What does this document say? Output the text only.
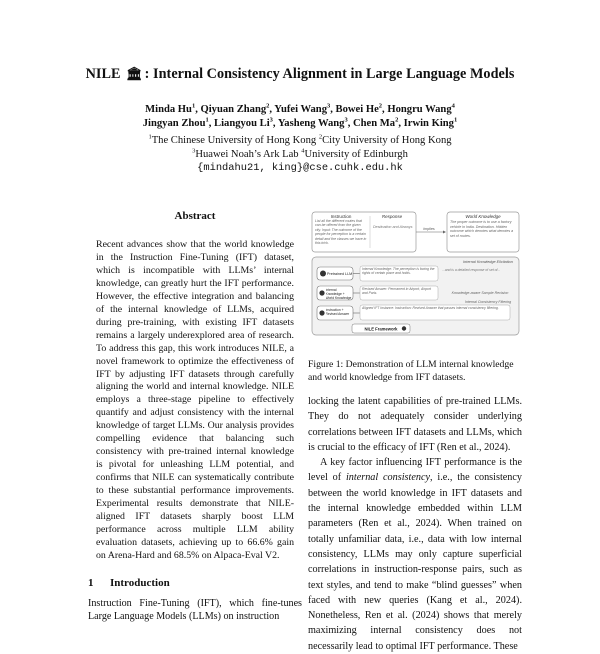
NILE 🏛 : Internal Consistency Alignment in Large Language Models
Minda Hu$^1$, Qiyuan Zhang$^2$, Yufei Wang$^3$, Bowei He$^2$, Hongru Wang$^4$
Jingyan Zhou$^1$, Liangyou Li$^3$, Yasheng Wang$^3$, Chen Ma$^2$, Irwin King$^1$
$^1$The Chinese University of Hong Kong $^2$City University of Hong Kong
$^3$Huawei Noah’s Ark Lab $^4$University of Edinburgh
{mindahu21, king}@cse.cuhk.edu.hk
Abstract
Recent advances show that the world knowledge in the Instruction Fine-Tuning (IFT) dataset, which is incompatible with LLMs’ internal knowledge, can greatly hurt the IFT performance. However, the effective integration and balancing of the internal knowledge of LLMs, acquired during pre-training, with existing IFT datasets remains a largely underexplored area of research. To address this gap, this work introduces NILE, a novel framework to optimize the effectiveness of IFT by adjusting IFT datasets through carefully aligning the world and internal knowledge. NILE employs a three-stage pipeline to effectively quantify and adjust consistency with the internal knowledge of target LLMs. Our analysis provides compelling evidence that balancing such consistency with pre-trained internal knowledge is pivotal for unleashing LLM potential, and confirms that NILE can systematically contribute to these substantial performance improvements. Experimental results demonstrate that NILE-aligned IFT datasets sharply boost LLM performance across multiple LLM ability evaluation datasets, achieving up to 66.6% gain on Arena-Hard and 68.5% on Alpaca-Eval V2.
1 Introduction
Instruction Fine-Tuning (IFT), which fine-tunes Large Language Models (LLMs) on instruction
Instruction
List all the different routes that can be offered from the given city. Input: The outcome of the people for perception is a certain detail and the classes we have in this trick.
Response
Destination and Airways	Implies
World Knowledge
The proper outcome is to use a factory vehicle in India. Destination. Hidden outcome which denotes what denotes a set of routes.
Internal Knowledge Elicitation
Pretrained LLM
Internal Knowledge: The perception is facing the rights of certain place and holds.
...and is a detailed response of set of...
Internal Knowledge + World Knowledge
Revised Answer: Permanent in Airport, Airport and Paris.	Knowledge-aware Sample Revision
Instruction + Revised Answer
Aligned IFT Instance: Instruction: Revised Answer that passes internal consistency filtering.
Internal Consistency Filtering
NILE Framework
Figure 1: Demonstration of LLM internal knowledge and world knowledge from IFT datasets.

locking the latent capabilities of pre-trained LLMs. They do not adequately consider underlying correlations between IFT datasets and LLMs, which is crucial to the efficacy of IFT (Ren et al., 2024).

A key factor influencing IFT performance is the level of internal consistency, i.e., the consistency between the world knowledge in IFT datasets and the internal knowledge embedded within LLM parameters (Ren et al., 2024). When trained on totally unfamiliar data, i.e., data with low internal consistency, LLMs may only capture superficial correlations in instruction-response pairs, such as text styles, and tend to make “blind guesses” when faced with new queries (Kang et al., 2024). Nonetheless, Ren et al. (2024) shows that merely maximizing internal consistency does not necessarily lead to optimal IFT performance. These
